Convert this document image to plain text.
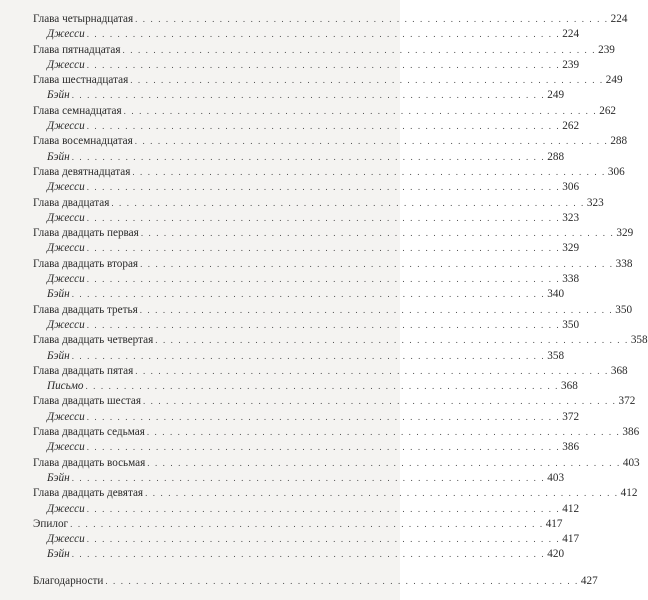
Глава четырнадцатая . . . . . . . . . . . . . . . . . . . . . . . . . . . . . . . . . . . . . . . . . . . . . . . . . . . . . . . . . . . . . . 224
Джесси . . . . . . . . . . . . . . . . . . . . . . . . . . . . . . . . . . . . . . . . . . . . . . . . . . . . . . . . . . . . . . 224
Глава пятнадцатая . . . . . . . . . . . . . . . . . . . . . . . . . . . . . . . . . . . . . . . . . . . . . . . . . . . . . . . . . . . . . . 239
Джесси . . . . . . . . . . . . . . . . . . . . . . . . . . . . . . . . . . . . . . . . . . . . . . . . . . . . . . . . . . . . . . 239
Глава шестнадцатая . . . . . . . . . . . . . . . . . . . . . . . . . . . . . . . . . . . . . . . . . . . . . . . . . . . . . . . . . . . . . . 249
Бэйн . . . . . . . . . . . . . . . . . . . . . . . . . . . . . . . . . . . . . . . . . . . . . . . . . . . . . . . . . . . . . . 249
Глава семнадцатая . . . . . . . . . . . . . . . . . . . . . . . . . . . . . . . . . . . . . . . . . . . . . . . . . . . . . . . . . . . . . . 262
Джесси . . . . . . . . . . . . . . . . . . . . . . . . . . . . . . . . . . . . . . . . . . . . . . . . . . . . . . . . . . . . . . 262
Глава восемнадцатая . . . . . . . . . . . . . . . . . . . . . . . . . . . . . . . . . . . . . . . . . . . . . . . . . . . . . . . . . . . . . . 288
Бэйн . . . . . . . . . . . . . . . . . . . . . . . . . . . . . . . . . . . . . . . . . . . . . . . . . . . . . . . . . . . . . . 288
Глава девятнадцатая . . . . . . . . . . . . . . . . . . . . . . . . . . . . . . . . . . . . . . . . . . . . . . . . . . . . . . . . . . . . . . 306
Джесси . . . . . . . . . . . . . . . . . . . . . . . . . . . . . . . . . . . . . . . . . . . . . . . . . . . . . . . . . . . . . . 306
Глава двадцатая . . . . . . . . . . . . . . . . . . . . . . . . . . . . . . . . . . . . . . . . . . . . . . . . . . . . . . . . . . . . . . 323
Джесси . . . . . . . . . . . . . . . . . . . . . . . . . . . . . . . . . . . . . . . . . . . . . . . . . . . . . . . . . . . . . . 323
Глава двадцать первая . . . . . . . . . . . . . . . . . . . . . . . . . . . . . . . . . . . . . . . . . . . . . . . . . . . . . . . . . . . . . . 329
Джесси . . . . . . . . . . . . . . . . . . . . . . . . . . . . . . . . . . . . . . . . . . . . . . . . . . . . . . . . . . . . . . 329
Глава двадцать вторая . . . . . . . . . . . . . . . . . . . . . . . . . . . . . . . . . . . . . . . . . . . . . . . . . . . . . . . . . . . . . . 338
Джесси . . . . . . . . . . . . . . . . . . . . . . . . . . . . . . . . . . . . . . . . . . . . . . . . . . . . . . . . . . . . . . 338
Бэйн . . . . . . . . . . . . . . . . . . . . . . . . . . . . . . . . . . . . . . . . . . . . . . . . . . . . . . . . . . . . . . 340
Глава двадцать третья . . . . . . . . . . . . . . . . . . . . . . . . . . . . . . . . . . . . . . . . . . . . . . . . . . . . . . . . . . . . . . 350
Джесси . . . . . . . . . . . . . . . . . . . . . . . . . . . . . . . . . . . . . . . . . . . . . . . . . . . . . . . . . . . . . . 350
Глава двадцать четвертая . . . . . . . . . . . . . . . . . . . . . . . . . . . . . . . . . . . . . . . . . . . . . . . . . . . . . . . . . . . . . . 358
Бэйн . . . . . . . . . . . . . . . . . . . . . . . . . . . . . . . . . . . . . . . . . . . . . . . . . . . . . . . . . . . . . . 358
Глава двадцать пятая . . . . . . . . . . . . . . . . . . . . . . . . . . . . . . . . . . . . . . . . . . . . . . . . . . . . . . . . . . . . . . 368
Письмо . . . . . . . . . . . . . . . . . . . . . . . . . . . . . . . . . . . . . . . . . . . . . . . . . . . . . . . . . . . . . . 368
Глава двадцать шестая . . . . . . . . . . . . . . . . . . . . . . . . . . . . . . . . . . . . . . . . . . . . . . . . . . . . . . . . . . . . . . 372
Джесси . . . . . . . . . . . . . . . . . . . . . . . . . . . . . . . . . . . . . . . . . . . . . . . . . . . . . . . . . . . . . . 372
Глава двадцать седьмая . . . . . . . . . . . . . . . . . . . . . . . . . . . . . . . . . . . . . . . . . . . . . . . . . . . . . . . . . . . . . . 386
Джесси . . . . . . . . . . . . . . . . . . . . . . . . . . . . . . . . . . . . . . . . . . . . . . . . . . . . . . . . . . . . . . 386
Глава двадцать восьмая . . . . . . . . . . . . . . . . . . . . . . . . . . . . . . . . . . . . . . . . . . . . . . . . . . . . . . . . . . . . . . 403
Бэйн . . . . . . . . . . . . . . . . . . . . . . . . . . . . . . . . . . . . . . . . . . . . . . . . . . . . . . . . . . . . . . 403
Глава двадцать девятая . . . . . . . . . . . . . . . . . . . . . . . . . . . . . . . . . . . . . . . . . . . . . . . . . . . . . . . . . . . . . . 412
Джесси . . . . . . . . . . . . . . . . . . . . . . . . . . . . . . . . . . . . . . . . . . . . . . . . . . . . . . . . . . . . . . 412
Эпилог . . . . . . . . . . . . . . . . . . . . . . . . . . . . . . . . . . . . . . . . . . . . . . . . . . . . . . . . . . . . . . 417
Джесси . . . . . . . . . . . . . . . . . . . . . . . . . . . . . . . . . . . . . . . . . . . . . . . . . . . . . . . . . . . . . . 417
Бэйн . . . . . . . . . . . . . . . . . . . . . . . . . . . . . . . . . . . . . . . . . . . . . . . . . . . . . . . . . . . . . . 420
Благодарности . . . . . . . . . . . . . . . . . . . . . . . . . . . . . . . . . . . . . . . . . . . . . . . . . . . . . . . . . . . . . . 427
